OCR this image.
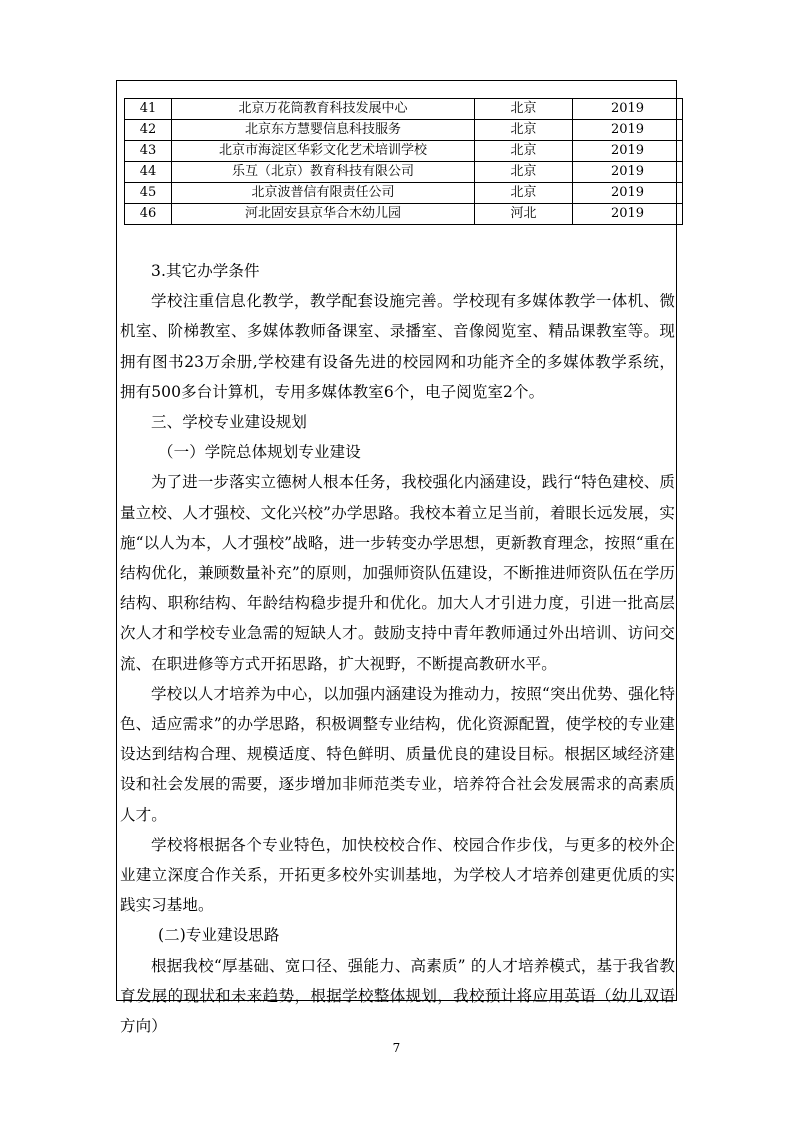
41	北京万花筒教育科技发展中心	北京	2019
42	北京东方慧婴信息科技服务	北京	2019
43	北京市海淀区华彩文化艺术培训学校	北京	2019
44	乐互（北京）教育科技有限公司	北京	2019
45	北京波普信有限责任公司	北京	2019
46	河北固安县京华合木幼儿园	河北	2019

3.其它办学条件

学校注重信息化教学，教学配套设施完善。学校现有多媒体教学一体机、微机室、阶梯教室、多媒体教师备课室、录播室、音像阅览室、精品课教室等。现拥有图书23万余册,学校建有设备先进的校园网和功能齐全的多媒体教学系统，拥有500多台计算机，专用多媒体教室6个，电子阅览室2个。

三、学校专业建设规划

（一）学院总体规划专业建设

为了进一步落实立德树人根本任务，我校强化内涵建设，践行“特色建校、质量立校、人才强校、文化兴校”办学思路。我校本着立足当前，着眼长远发展，实施“以人为本，人才强校”战略，进一步转变办学思想，更新教育理念，按照“重在结构优化，兼顾数量补充”的原则，加强师资队伍建设，不断推进师资队伍在学历结构、职称结构、年龄结构稳步提升和优化。加大人才引进力度，引进一批高层次人才和学校专业急需的短缺人才。鼓励支持中青年教师通过外出培训、访问交流、在职进修等方式开拓思路，扩大视野，不断提高教研水平。

学校以人才培养为中心，以加强内涵建设为推动力，按照“突出优势、强化特色、适应需求”的办学思路，积极调整专业结构，优化资源配置，使学校的专业建设达到结构合理、规模适度、特色鲜明、质量优良的建设目标。根据区域经济建设和社会发展的需要，逐步增加非师范类专业，培养符合社会发展需求的高素质人才。

学校将根据各个专业特色，加快校校合作、校园合作步伐，与更多的校外企业建立深度合作关系，开拓更多校外实训基地，为学校人才培养创建更优质的实践实习基地。

(二)专业建设思路

根据我校“厚基础、宽口径、强能力、高素质” 的人才培养模式，基于我省教育发展的现状和未来趋势，根据学校整体规划，我校预计将应用英语（幼儿双语方向）

7
